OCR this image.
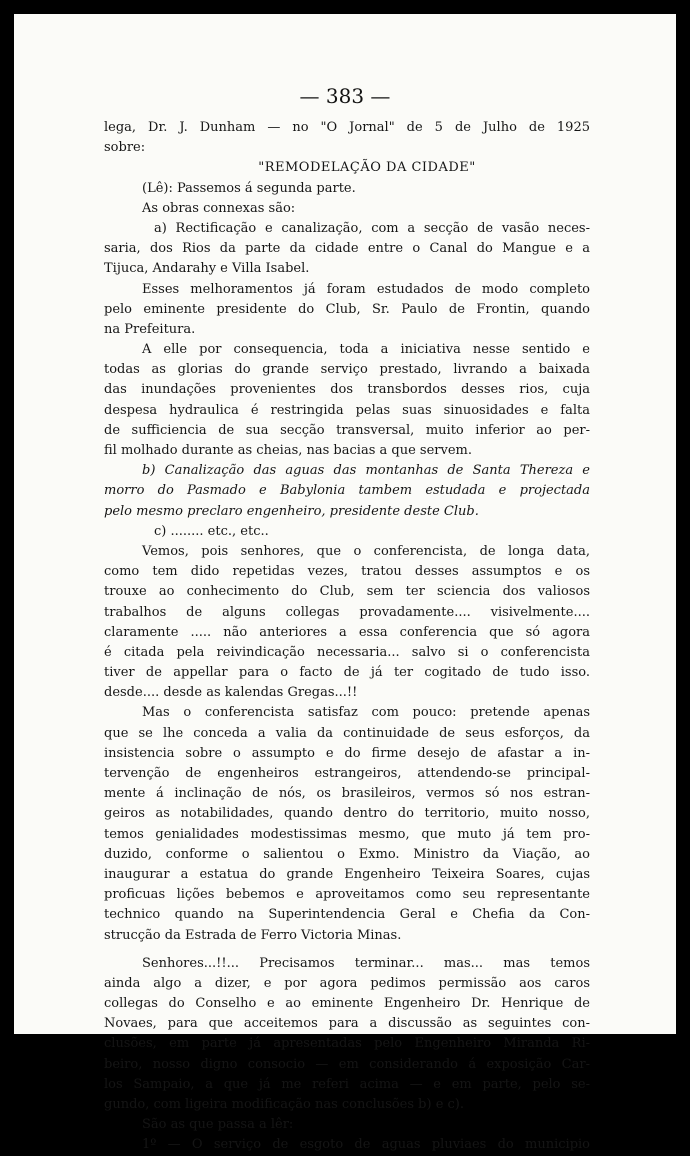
— 383 —
lega, Dr. J. Dunham — no "O Jornal" de 5 de Julho de 1925
sobre:
"REMODELAÇÃO DA CIDADE"
(Lê): Passemos á segunda parte.
As obras connexas são:
a) Rectificação e canalização, com a secção de vasão neces-
saria, dos Rios da parte da cidade entre o Canal do Mangue e a
Tijuca, Andarahy e Villa Isabel.
Esses melhoramentos já foram estudados de modo completo
pelo eminente presidente do Club, Sr. Paulo de Frontin, quando
na Prefeitura.
A elle por consequencia, toda a iniciativa nesse sentido e
todas as glorias do grande serviço prestado, livrando a baixada
das inundações provenientes dos transbordos desses rios, cuja
despesa hydraulica é restringida pelas suas sinuosidades e falta
de sufficiencia de sua secção transversal, muito inferior ao per-
fil molhado durante as cheias, nas bacias a que servem.
b) Canalização das aguas das montanhas de Santa Thereza e
morro do Pasmado e Babylonia tambem estudada e projectada
pelo mesmo preclaro engenheiro, presidente deste Club.
c) ........ etc., etc..
Vemos, pois senhores, que o conferencista, de longa data,
como tem dido repetidas vezes, tratou desses assumptos e os
trouxe ao conhecimento do Club, sem ter sciencia dos valiosos
trabalhos de alguns collegas provadamente.... visivelmente....
claramente ..... não anteriores a essa conferencia que só agora
é citada pela reivindicação necessaria... salvo si o conferencista
tiver de appellar para o facto de já ter cogitado de tudo isso.
desde.... desde as kalendas Gregas...!!
Mas o conferencista satisfaz com pouco: pretende apenas
que se lhe conceda a valia da continuidade de seus esforços, da
insistencia sobre o assumpto e do firme desejo de afastar a in-
tervenção de engenheiros estrangeiros, attendendo-se principal-
mente á inclinação de nós, os brasileiros, vermos só nos estran-
geiros as notabilidades, quando dentro do territorio, muito nosso,
temos genialidades modestissimas mesmo, que muto já tem pro-
duzido, conforme o salientou o Exmo. Ministro da Viação, ao
inaugurar a estatua do grande Engenheiro Teixeira Soares, cujas
proficuas lições bebemos e aproveitamos como seu representante
technico quando na Superintendencia Geral e Chefia da Con-
strucção da Estrada de Ferro Victoria Minas.
Senhores...!!... Precisamos terminar... mas... mas temos
ainda algo a dizer, e por agora pedimos permissão aos caros
collegas do Conselho e ao eminente Engenheiro Dr. Henrique de
Novaes, para que acceitemos para a discussão as seguintes con-
clusões, em parte já apresentadas pelo Engenheiro Miranda Ri-
beiro, nosso digno consocio — em considerando á exposição Car-
los Sampaio, a que já me referi acima — e em parte, pelo se-
gundo, com ligeira modificação nas conclusões b) e c).
São as que passa a lêr:
1º — O serviço de esgoto de aguas pluviaes do municipio
